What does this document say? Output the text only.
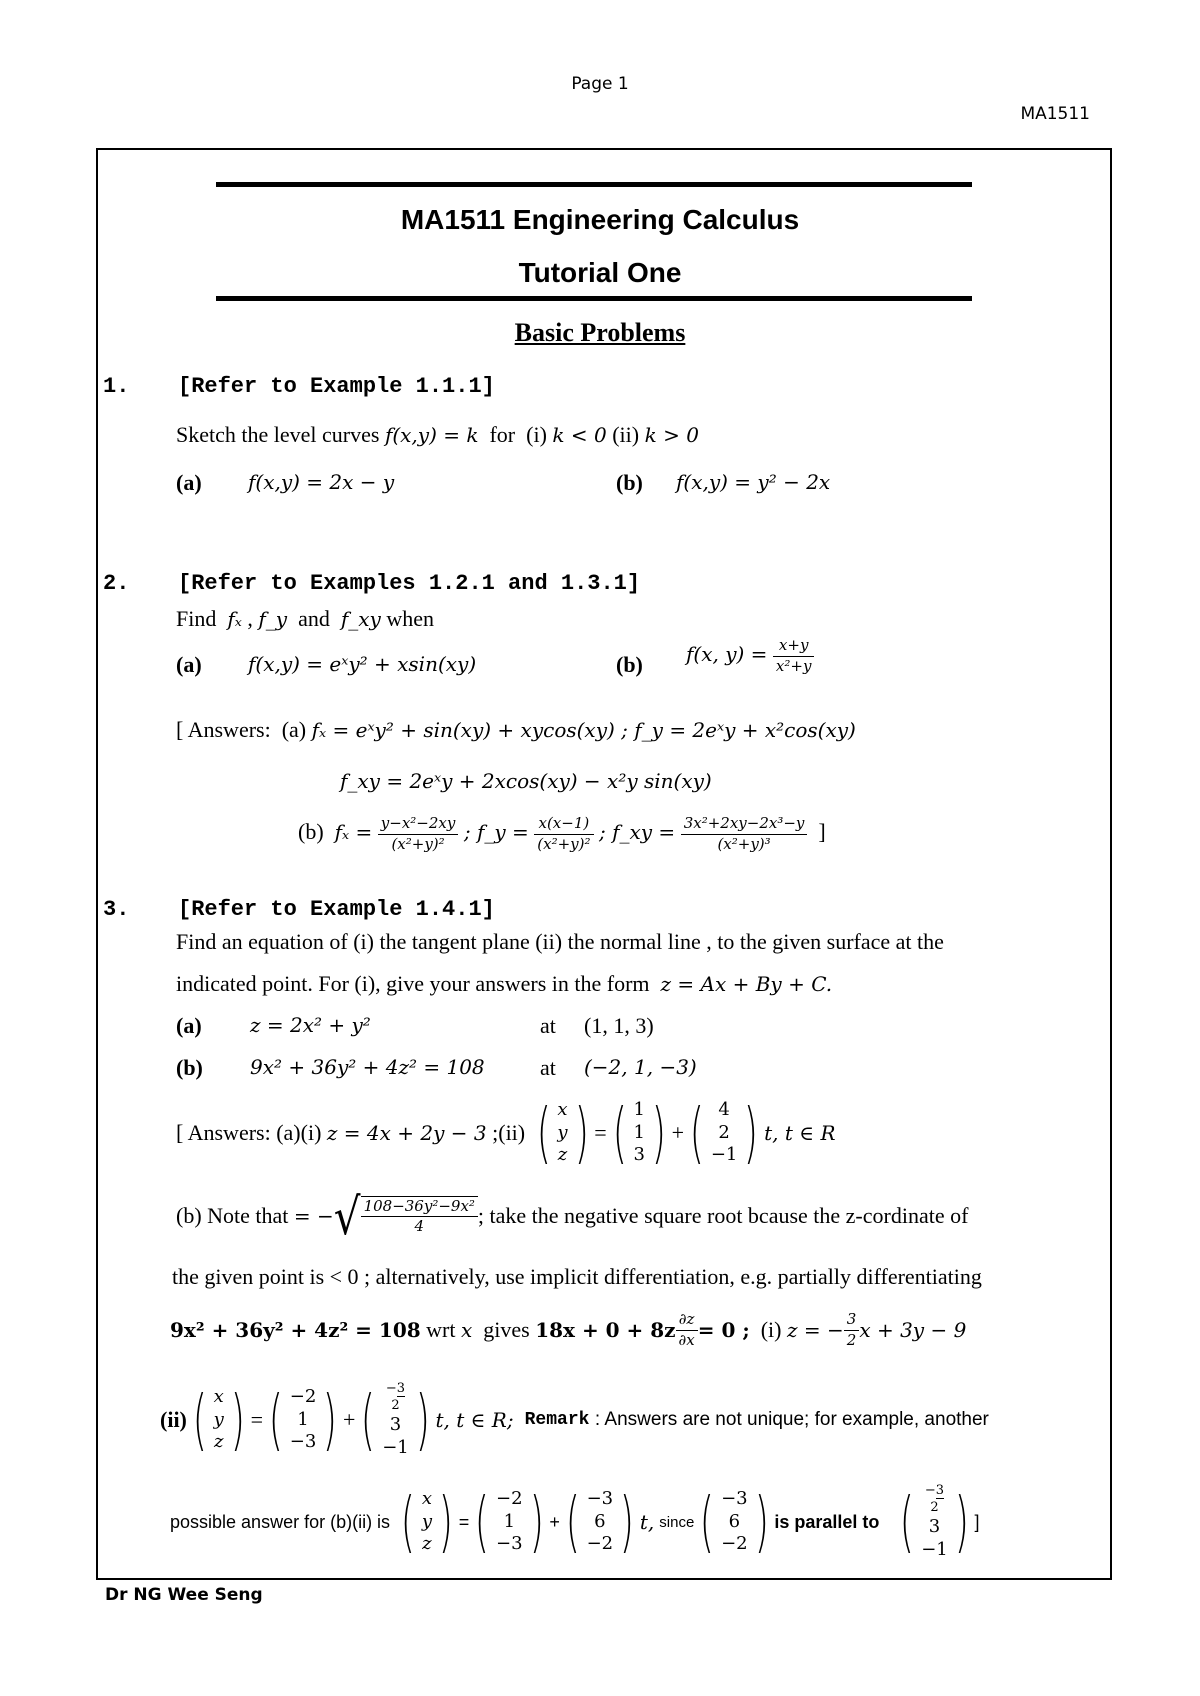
Page 1
MA1511
MA1511 Engineering Calculus
Tutorial One
Basic Problems
1. [Refer to Example 1.1.1]
Sketch the level curves f(x,y) = k for (i) k < 0 (ii) k > 0
(a) f(x,y) = 2x − y	(b) f(x,y) = y² − 2x
2. [Refer to Examples 1.2.1 and 1.3.1]
Find fₓ , f_y and f_xy when
(a) f(x,y) = eˣy² + xsin(xy)	(b) f(x, $y) = \frac{x+y}{\text{x²+y}}$
[ Answers: (a) fₓ = eˣy² + sin(xy) + xycos(xy) ; f_y = 2eˣy + x²cos(xy)
f_xy = 2eˣy + 2xcos(xy) − x²y sin(xy)
(b) $f_x = \frac{\text{y−x²−2xy}}{\text{(x²+y)²}}$ ; f_y = $\frac{x(x-1)}{\text{(x²+y)²}}$ ; f_xy = $\frac{\text{3x²+2xy−2x³−y}}{\text{(x²+y)³}}$ ]
3. [Refer to Example 1.4.1]
Find an equation of (i) the tangent plane (ii) the normal line , to the given surface at the
indicated point. For (i), give your answers in the form z = Ax + By + C.
(a) z = 2x² + y²	at (1, 1, 3)
(b) 9x² + 36y² + 4z² = 108	at (−2, 1, −3)
[ Answers:
(a)(i)
z = 4x + 2y − 3
;(ii)
( x
y
z ) = ( 1
1
3 ) + ( 4
2
−1 ) t, t ∈ R
(b)
Note that
= − √ $\frac{\text{108−36y²−9x²}}{4}$ ; take the negative square root bcause the z-cordinate of
the given point is < 0 ; alternatively, use implicit differentiation, e.g. partially differentiating
9x² + 36y² + 4z² = 108
wrt
x
gives
$18x + 0 + 8z \frac{\partial z}{\partial x} = 0$ ;
(i)
z = − $\frac{3}{2}$ x + 3y − 9
(ii) ( x
y
z ) = ( −2
1
−3 ) + ( −3
2
3
−1 ) t, t ∈ R;
Remark
: Answers are not unique; for example, another
possible answer for (b)(ii) is
( x
y
z ) = ( −2
1
−3 ) + ( −3
6
−2 ) t,
since ( −3
6
−2 ) is parallel to
( −3
2
3
−1 ) ]
Dr NG Wee Seng
